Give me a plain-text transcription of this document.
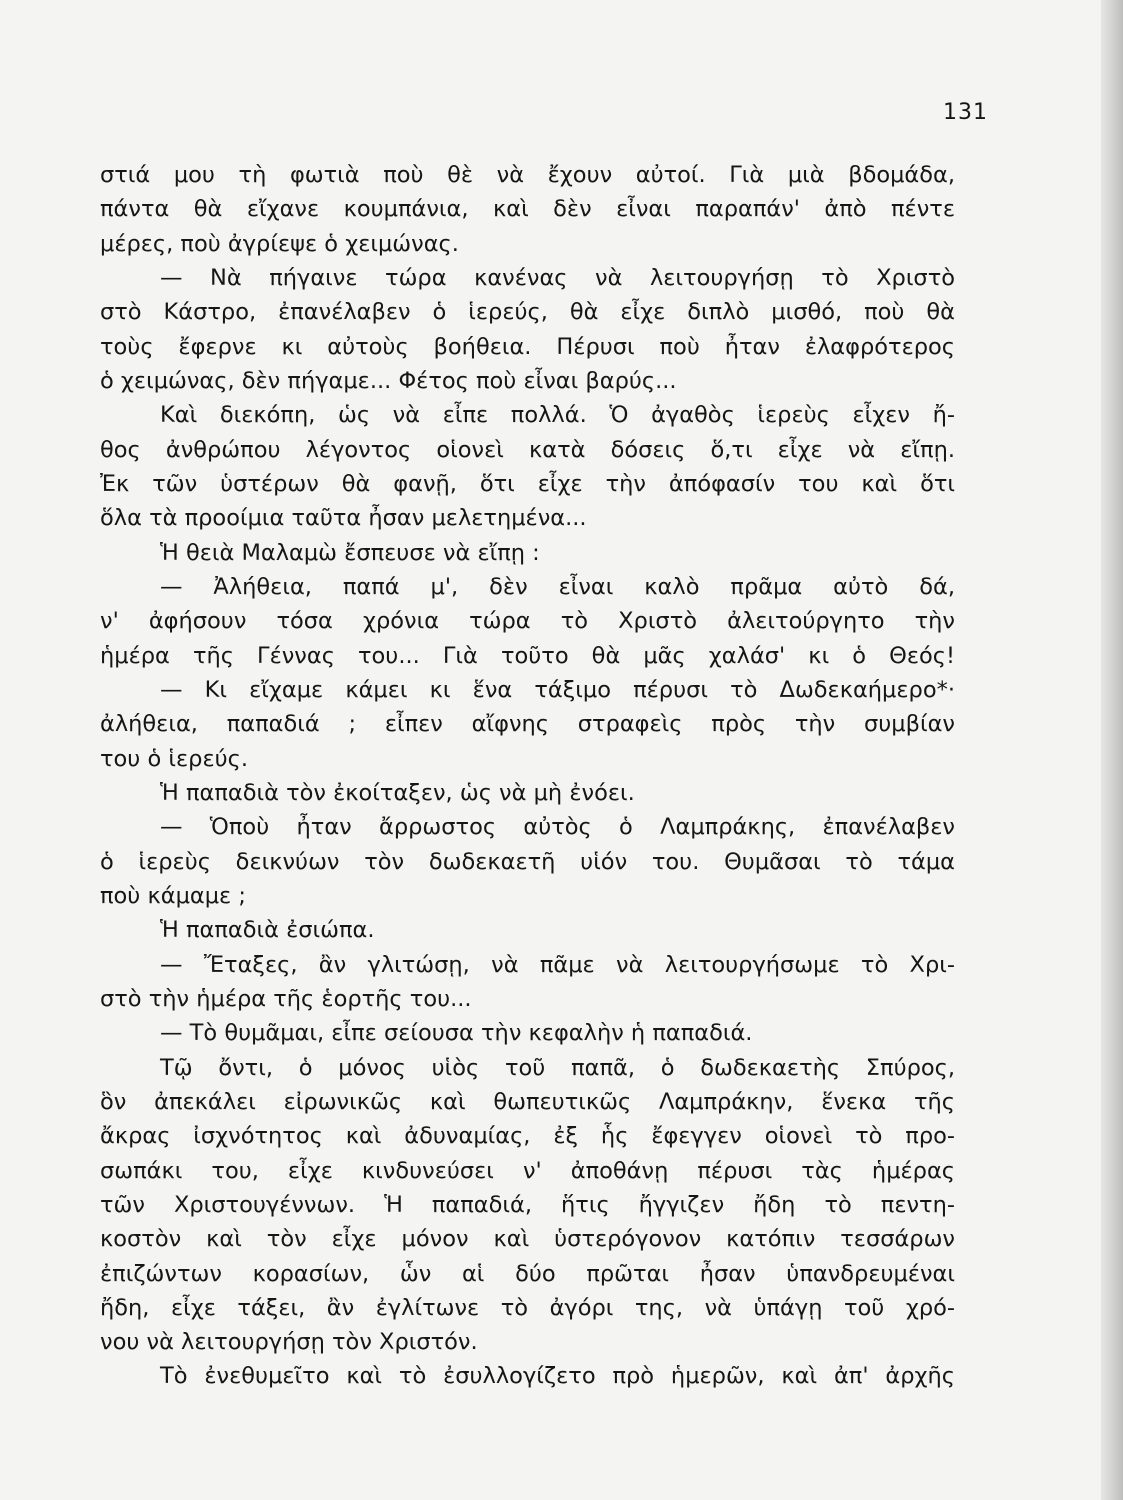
131
στιά μου τὴ φωτιὰ ποὺ θὲ νὰ ἔχουν αὐτοί. Γιὰ μιὰ βδομάδα,
πάντα θὰ εἴχανε κουμπάνια, καὶ δὲν εἶναι παραπάν' ἀπὸ πέντε
μέρες, ποὺ ἀγρίεψε ὁ χειμώνας.
— Νὰ πήγαινε τώρα κανένας νὰ λειτουργήσῃ τὸ Χριστὸ
στὸ Κάστρο, ἐπανέλαβεν ὁ ἱερεύς, θὰ εἶχε διπλὸ μισθό, ποὺ θὰ
τοὺς ἔφερνε κι αὐτοὺς βοήθεια. Πέρυσι ποὺ ἦταν ἐλαφρότερος
ὁ χειμώνας, δὲν πήγαμε... Φέτος ποὺ εἶναι βαρύς...
Καὶ διεκόπη, ὡς νὰ εἶπε πολλά. Ὁ ἀγαθὸς ἱερεὺς εἶχεν ἤ-
θος ἀνθρώπου λέγοντος οἱονεὶ κατὰ δόσεις ὅ,τι εἶχε νὰ εἴπῃ.
Ἐκ τῶν ὑστέρων θὰ φανῇ, ὅτι εἶχε τὴν ἀπόφασίν του καὶ ὅτι
ὅλα τὰ προοίμια ταῦτα ἦσαν μελετημένα...
Ἡ θειὰ Μαλαμὼ ἔσπευσε νὰ εἴπῃ :
— Ἀλήθεια, παπά μ', δὲν εἶναι καλὸ πρᾶμα αὐτὸ δά,
ν' ἀφήσουν τόσα χρόνια τώρα τὸ Χριστὸ ἀλειτούργητο τὴν
ἡμέρα τῆς Γέννας του... Γιὰ τοῦτο θὰ μᾶς χαλάσ' κι ὁ Θεός!
— Κι εἴχαμε κάμει κι ἕνα τάξιμο πέρυσι τὸ Δωδεκαήμερο*·
ἀλήθεια, παπαδιά ; εἶπεν αἴφνης στραφεὶς πρὸς τὴν συμβίαν
του ὁ ἱερεύς.
Ἡ παπαδιὰ τὸν ἐκοίταξεν, ὡς νὰ μὴ ἐνόει.
— Ὁποὺ ἦταν ἄρρωστος αὐτὸς ὁ Λαμπράκης, ἐπανέλαβεν
ὁ ἱερεὺς δεικνύων τὸν δωδεκαετῆ υἱόν του. Θυμᾶσαι τὸ τάμα
ποὺ κάμαμε ;
Ἡ παπαδιὰ ἐσιώπα.
— Ἔταξες, ἂν γλιτώσῃ, νὰ πᾶμε νὰ λειτουργήσωμε τὸ Χρι-
στὸ τὴν ἡμέρα τῆς ἑορτῆς του...
— Τὸ θυμᾶμαι, εἶπε σείουσα τὴν κεφαλὴν ἡ παπαδιά.
Τῷ ὄντι, ὁ μόνος υἱὸς τοῦ παπᾶ, ὁ δωδεκαετὴς Σπύρος,
ὃν ἀπεκάλει εἰρωνικῶς καὶ θωπευτικῶς Λαμπράκην, ἕνεκα τῆς
ἄκρας ἰσχνότητος καὶ ἀδυναμίας, ἐξ ἧς ἔφεγγεν οἱονεὶ τὸ προ-
σωπάκι του, εἶχε κινδυνεύσει ν' ἀποθάνῃ πέρυσι τὰς ἡμέρας
τῶν Χριστουγέννων. Ἡ παπαδιά, ἥτις ἤγγιζεν ἤδη τὸ πεντη-
κοστὸν καὶ τὸν εἶχε μόνον καὶ ὑστερόγονον κατόπιν τεσσάρων
ἐπιζώντων κορασίων, ὧν αἱ δύο πρῶται ἦσαν ὑπανδρευμέναι
ἤδη, εἶχε τάξει, ἂν ἐγλίτωνε τὸ ἀγόρι της, νὰ ὑπάγῃ τοῦ χρό-
νου νὰ λειτουργήσῃ τὸν Χριστόν.
Τὸ ἐνεθυμεῖτο καὶ τὸ ἐσυλλογίζετο πρὸ ἡμερῶν, καὶ ἀπ' ἀρχῆς
